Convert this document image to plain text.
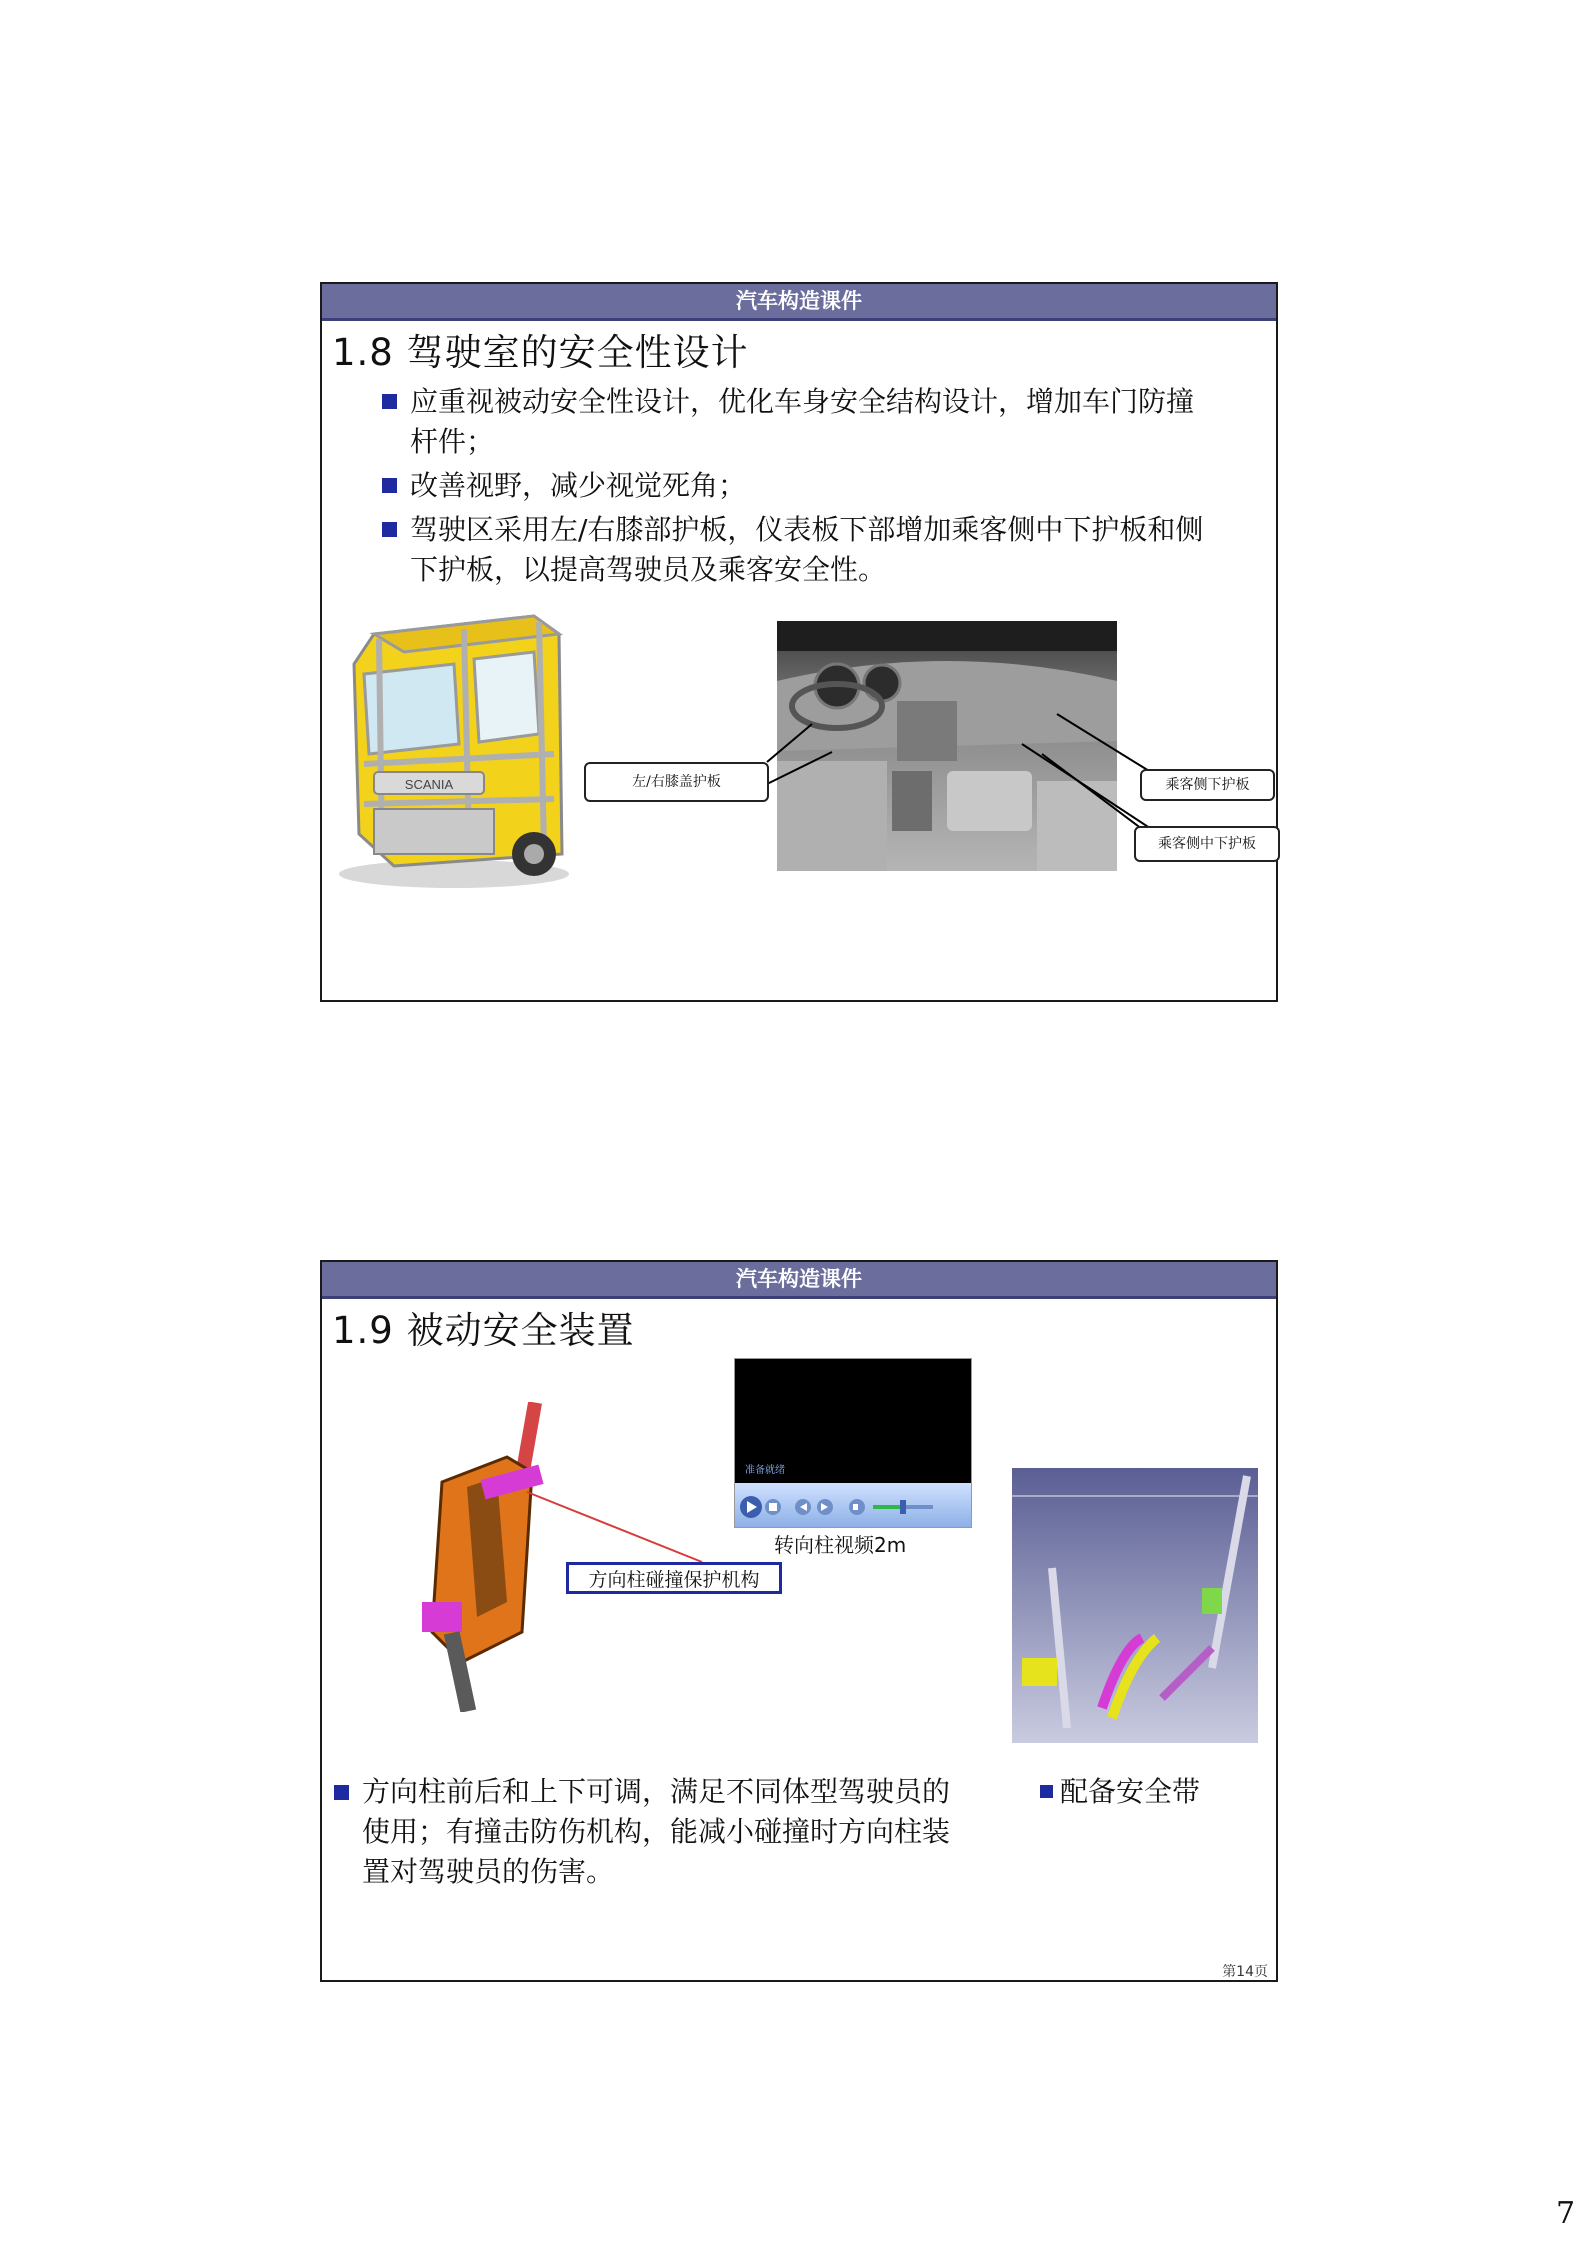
汽车构造课件
1.8 驾驶室的安全性设计
应重视被动安全性设计，优化车身安全结构设计，增加车门防撞杆件；
改善视野，减少视觉死角；
驾驶区采用左/右膝部护板，仪表板下部增加乘客侧中下护板和侧下护板，以提高驾驶员及乘客安全性。
SCANIA	左/右膝盖护板	乘客侧下护板
乘客侧中下护板
汽车构造课件
1.9 被动安全装置
准备就绪
转向柱视频2m
方向柱碰撞保护机构
方向柱前后和上下可调，满足不同体型驾驶员的使用；有撞击防伤机构，能减小碰撞时方向柱装置对驾驶员的伤害。
配备安全带
第14页
7
